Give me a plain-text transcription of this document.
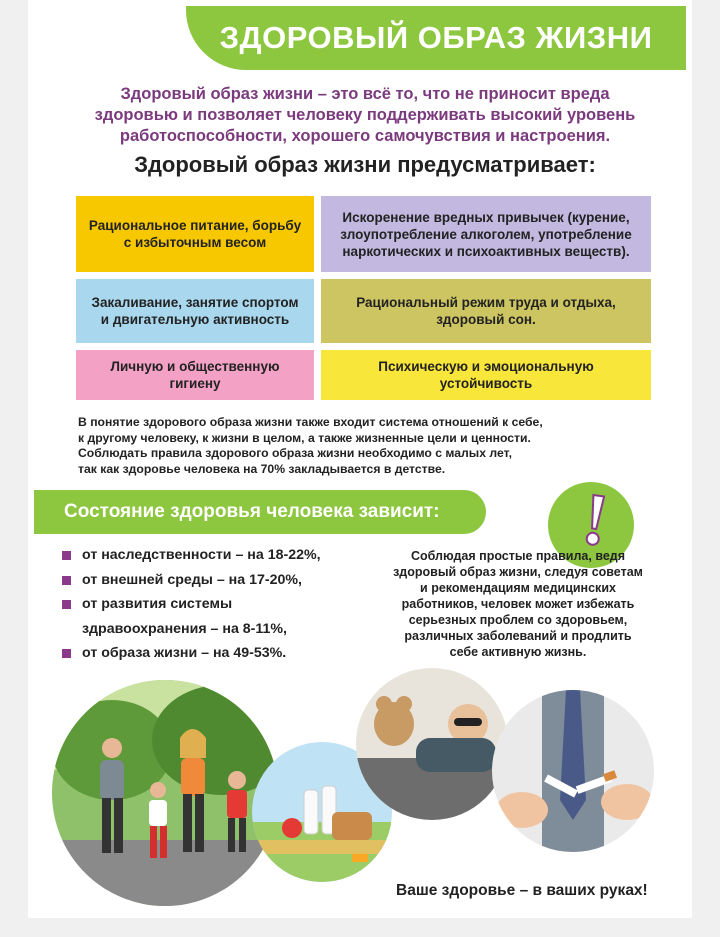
ЗДОРОВЫЙ ОБРАЗ ЖИЗНИ
Здоровый образ жизни – это всё то, что не приносит вреда
здоровью и позволяет человеку поддерживать высокий уровень
работоспособности, хорошего самочувствия и настроения.
Здоровый образ жизни предусматривает:
Рациональное питание, борьбу с избыточным весом
Искоренение вредных привычек (курение, злоупотребление алкоголем, употребление наркотических и психоактивных веществ).
Закаливание, занятие спортом и двигательную активность
Рациональный режим труда и отдыха, здоровый сон.
Личную и общественную гигиену
Психическую и эмоциональную устойчивость
В понятие здорового образа жизни также входит система отношений к себе,
к другому человеку, к жизни в целом, а также жизненные цели и ценности.
Соблюдать правила здорового образа жизни необходимо с малых лет,
так как здоровье человека на 70% закладывается в детстве.
Состояние здоровья человека зависит: !
от наследственности – на 18-22%,
от внешней среды – на 17-20%,
от развития системы
здравоохранения – на 8-11%,
от образа жизни – на 49-53%.
Соблюдая простые правила, ведя
здоровый образ жизни, следуя советам
и рекомендациям медицинских
работников, человек может избежать
серьезных проблем со здоровьем,
различных заболеваний и продлить
себе активную жизнь.
Ваше здоровье – в ваших руках!
